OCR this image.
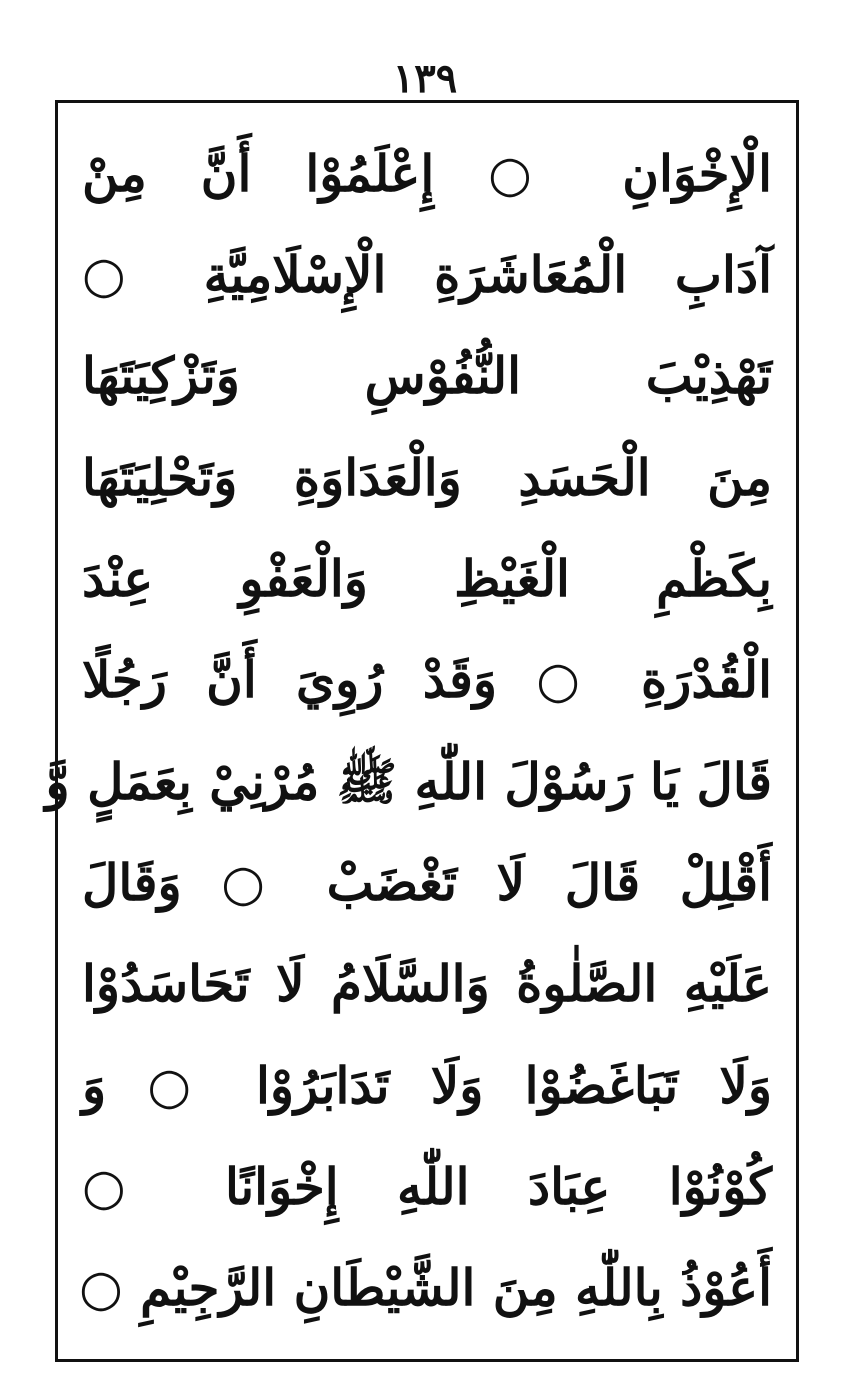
١٣٩
الْإِخْوَانِ ○ إِعْلَمُوْا أَنَّ مِنْ
آدَابِ الْمُعَاشَرَةِ الْإِسْلَامِيَّةِ ○
تَهْذِيْبَ النُّفُوْسِ وَتَزْكِيَتَهَا
مِنَ الْحَسَدِ وَالْعَدَاوَةِ وَتَحْلِيَتَهَا
بِكَظْمِ الْغَيْظِ وَالْعَفْوِ عِنْدَ
الْقُدْرَةِ ○ وَقَدْ رُوِيَ أَنَّ رَجُلًا
قَالَ يَا رَسُوْلَ اللّٰهِ ﷺ مُرْنِيْ بِعَمَلٍ وَّ
أَقْلِلْ قَالَ لَا تَغْضَبْ ○ وَقَالَ
عَلَيْهِ الصَّلٰوةُ وَالسَّلَامُ لَا تَحَاسَدُوْا
وَلَا تَبَاغَضُوْا وَلَا تَدَابَرُوْا ○ وَ
كُوْنُوْا عِبَادَ اللّٰهِ إِخْوَانًا ○
أَعُوْذُ بِاللّٰهِ مِنَ الشَّيْطَانِ الرَّجِيْمِ ○
